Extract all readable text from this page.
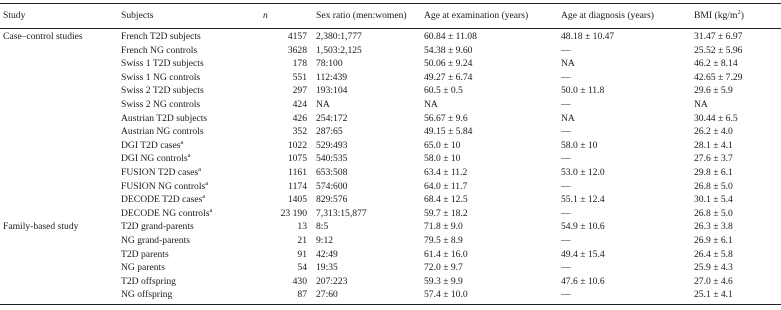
Study	Subjects	n	Sex ratio (men:women)	Age at examination (years)	Age at diagnosis (years)	BMI $(kg/m^2)$
Case–control studies	French T2D subjects	4157	2,380:1,777	60.84 ± 11.08	48.18 ± 10.47	31.47 ± 6.97
	French NG controls	3628	1,503:2,125	54.38 ± 9.60	—	25.52 ± 5.96
	Swiss 1 T2D subjects	178	78:100	50.06 ± 9.24	NA	46.2 ± 8.14
	Swiss 1 NG controls	551	112:439	49.27 ± 6.74	—	42.65 ± 7.29
	Swiss 2 T2D subjects	297	193:104	60.5 ± 0.5	50.0 ± 11.8	29.6 ± 5.9
	Swiss 2 NG controls	424	NA	NA	—	NA
	Austrian T2D subjects	426	254:172	56.67 ± 9.6	NA	30.44 ± 6.5
	Austrian NG controls	352	287:65	49.15 ± 5.84	—	26.2 ± 4.0
	DGI T2D cases$^a$	1022	529:493	65.0 ± 10	58.0 ± 10	28.1 ± 4.1
	DGI NG controls$^a$	1075	540:535	58.0 ± 10	—	27.6 ± 3.7
	FUSION T2D cases$^a$	1161	653:508	63.4 ± 11.2	53.0 ± 12.0	29.8 ± 6.1
	FUSION NG controls$^a$	1174	574:600	64.0 ± 11.7	—	26.8 ± 5.0
	DECODE T2D cases$^a$	1405	829:576	68.4 ± 12.5	55.1 ± 12.4	30.1 ± 5.4
	DECODE NG controls$^a$	23 190	7,313:15,877	59.7 ± 18.2	—	26.8 ± 5.0
Family-based study	T2D grand-parents	13	8:5	71.8 ± 9.0	54.9 ± 10.6	26.3 ± 3.8
	NG grand-parents	21	9:12	79.5 ± 8.9	—	26.9 ± 6.1
	T2D parents	91	42:49	61.4 ± 16.0	49.4 ± 15.4	26.4 ± 5.8
	NG parents	54	19:35	72.0 ± 9.7	—	25.9 ± 4.3
	T2D offspring	430	207:223	59.3 ± 9.9	47.6 ± 10.6	27.0 ± 4.6
	NG offspring	87	27:60	57.4 ± 10.0	—	25.1 ± 4.1
